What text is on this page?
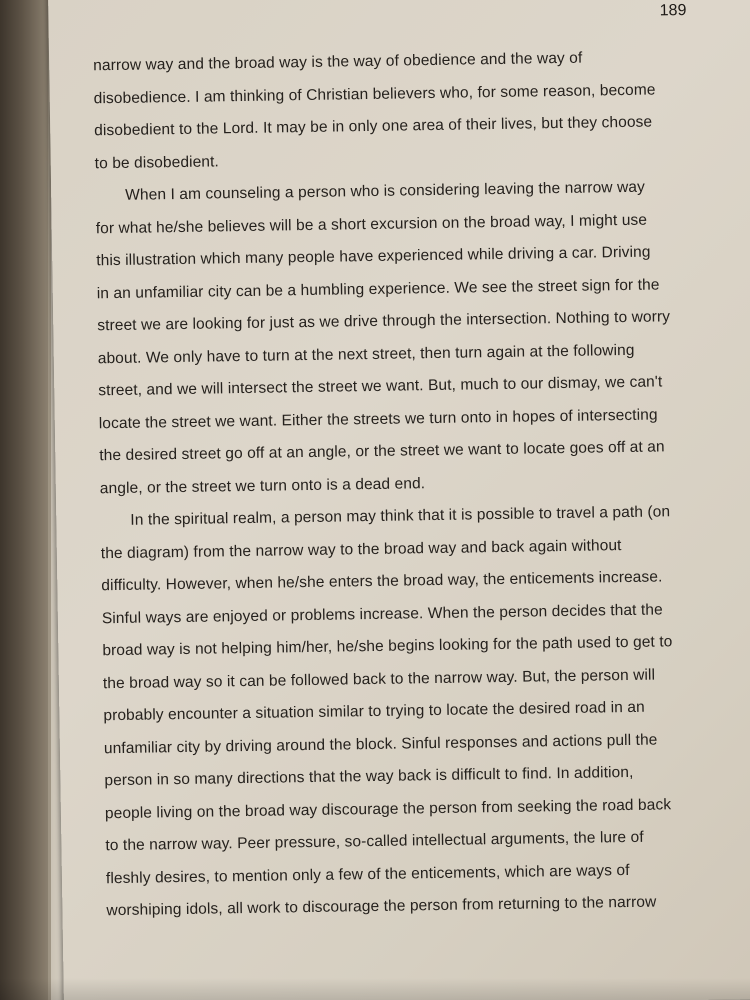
189

narrow way and the broad way is the way of obedience and the way of
disobedience. I am thinking of Christian believers who, for some reason, become
disobedient to the Lord. It may be in only one area of their lives, but they choose
to be disobedient.

When I am counseling a person who is considering leaving the narrow way
for what he/she believes will be a short excursion on the broad way, I might use
this illustration which many people have experienced while driving a car. Driving
in an unfamiliar city can be a humbling experience. We see the street sign for the
street we are looking for just as we drive through the intersection. Nothing to worry
about. We only have to turn at the next street, then turn again at the following
street, and we will intersect the street we want. But, much to our dismay, we can't
locate the street we want. Either the streets we turn onto in hopes of intersecting
the desired street go off at an angle, or the street we want to locate goes off at an
angle, or the street we turn onto is a dead end.

In the spiritual realm, a person may think that it is possible to travel a path (on
the diagram) from the narrow way to the broad way and back again without
difficulty. However, when he/she enters the broad way, the enticements increase.
Sinful ways are enjoyed or problems increase. When the person decides that the
broad way is not helping him/her, he/she begins looking for the path used to get to
the broad way so it can be followed back to the narrow way. But, the person will
probably encounter a situation similar to trying to locate the desired road in an
unfamiliar city by driving around the block. Sinful responses and actions pull the
person in so many directions that the way back is difficult to find. In addition,
people living on the broad way discourage the person from seeking the road back
to the narrow way. Peer pressure, so-called intellectual arguments, the lure of
fleshly desires, to mention only a few of the enticements, which are ways of
worshiping idols, all work to discourage the person from returning to the narrow
